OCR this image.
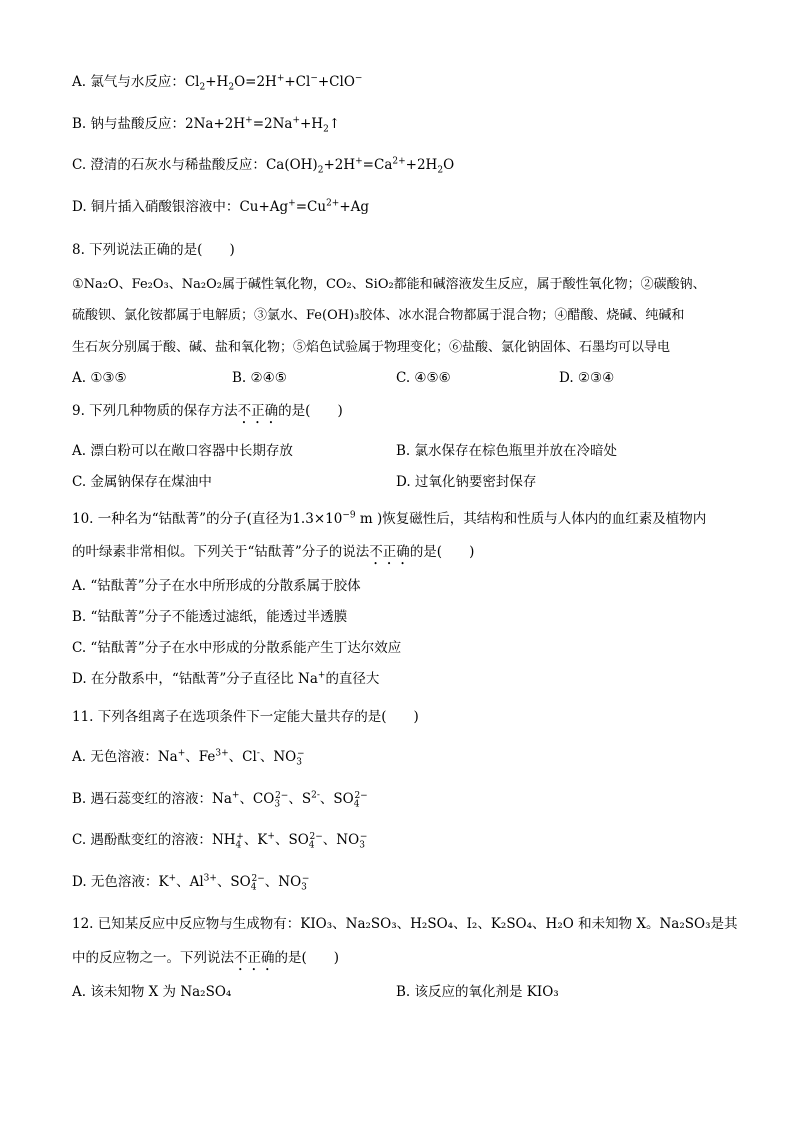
A. 氯气与水反应：$Cl_2+H_2O=2H^++Cl^-+ClO^-$
B. 钠与盐酸反应：$2Na+2H^+=2Na^++H_2↑$
C. 澄清的石灰水与稀盐酸反应：$Ca(OH)_2+2H^+=Ca^{2+}+2H_2O$
D. 铜片插入硝酸银溶液中：$Cu+Ag^+=Cu^{2+}+Ag$
8. 下列说法正确的是(　　)
①Na₂O、Fe₂O₃、Na₂O₂属于碱性氧化物，CO₂、SiO₂都能和碱溶液发生反应，属于酸性氧化物；②碳酸钠、
硫酸钡、氯化铵都属于电解质；③氯水、Fe(OH)₃胶体、冰水混合物都属于混合物；④醋酸、烧碱、纯碱和
生石灰分别属于酸、碱、盐和氧化物；⑤焰色试验属于物理变化；⑥盐酸、氯化钠固体、石墨均可以导电
A. ①③⑤	B. ②④⑤	C. ④⑤⑥	D. ②③④
9. 下列几种物质的保存方法不正确的是(　　)
A. 漂白粉可以在敞口容器中长期存放	B. 氯水保存在棕色瓶里并放在冷暗处
C. 金属钠保存在煤油中	D. 过氧化钠要密封保存
10. 一种名为“钴酞菁”的分子(直径为$1.3\times 10^{-9}$ m )恢复磁性后，其结构和性质与人体内的血红素及植物内
的叶绿素非常相似。下列关于“钴酞菁”分子的说法不正确的是(　　)
A. “钴酞菁”分子在水中所形成的分散系属于胶体
B. “钴酞菁”分子不能透过滤纸，能透过半透膜
C. “钴酞菁”分子在水中形成的分散系能产生丁达尔效应
D. 在分散系中，“钴酞菁”分子直径比 Na+的直径大
11. 下列各组离子在选项条件下一定能大量共存的是(　　)
A. 无色溶液：Na+、$Fe^{3+}$、Cl-、$NO_3^-$
B. 遇石蕊变红的溶液：Na+、$CO_3^{2-}$、$S^{2-}$、$SO_4^{2-}$
C. 遇酚酞变红的溶液：$NH_4^+$、K+、$SO_4^{2-}$、$NO_3^-$
D. 无色溶液：K+、$Al^{3+}$、$SO_4^{2-}$、$NO_3^-$
12. 已知某反应中反应物与生成物有：KIO₃、Na₂SO₃、H₂SO₄、I₂、K₂SO₄、H₂O 和未知物 X。Na₂SO₃是其
中的反应物之一。下列说法不正确的是(　　)
A. 该未知物 X 为 Na₂SO₄	B. 该反应的氧化剂是 KIO₃
